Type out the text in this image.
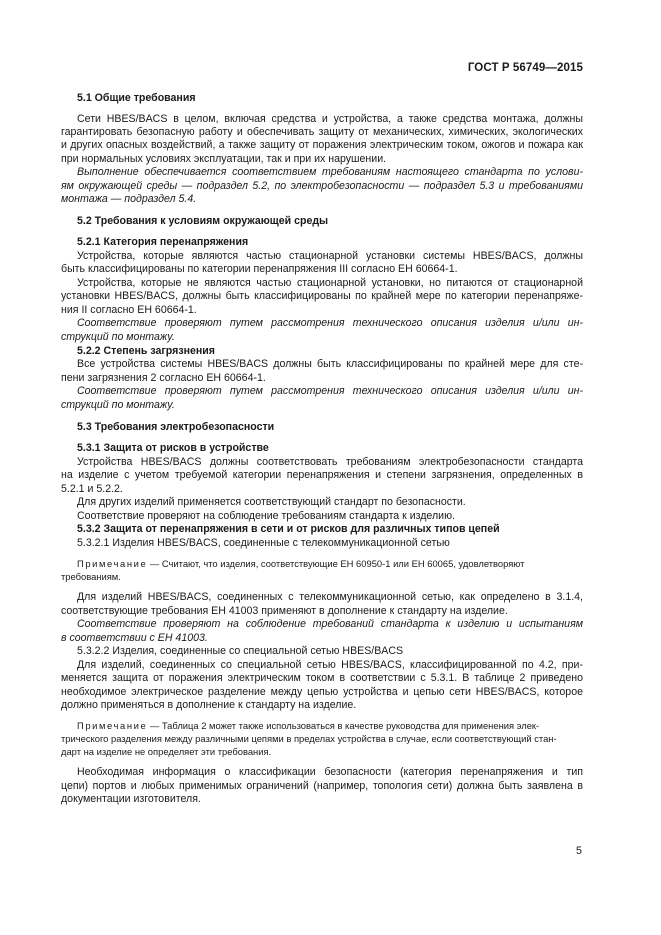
ГОСТ Р 56749—2015
5.1 Общие требования
Сети HBES/BACS в целом, включая средства и устройства, а также средства монтажа, должны
гарантировать безопасную работу и обеспечивать защиту от механических, химических, экологических
и других опасных воздействий, а также защиту от поражения электрическим током, ожогов и пожара как
при нормальных условиях эксплуатации, так и при их нарушении.
Выполнение обеспечивается соответствием требованиям настоящего стандарта по услови-
ям окружающей среды — подраздел 5.2, по электробезопасности — подраздел 5.3 и требованиями
монтажа — подраздел 5.4.
5.2 Требования к условиям окружающей среды
5.2.1 Категория перенапряжения
Устройства, которые являются частью стационарной установки системы HBES/BACS, должны
быть классифицированы по категории перенапряжения III согласно ЕН 60664-1.
Устройства, которые не являются частью стационарной установки, но питаются от стационарной
установки HBES/BACS, должны быть классифицированы по крайней мере по категории перенапряже-
ния II согласно ЕН 60664-1.
Соответствие проверяют путем рассмотрения технического описания изделия и/или ин-
струкций по монтажу.
5.2.2 Степень загрязнения
Все устройства системы HBES/BACS должны быть классифицированы по крайней мере для сте-
пени загрязнения 2 согласно ЕН 60664-1.
Соответствие проверяют путем рассмотрения технического описания изделия и/или ин-
струкций по монтажу.
5.3 Требования электробезопасности
5.3.1 Защита от рисков в устройстве
Устройства HBES/BACS должны соответствовать требованиям электробезопасности стандарта
на изделие с учетом требуемой категории перенапряжения и степени загрязнения, определенных в
5.2.1 и 5.2.2.
Для других изделий применяется соответствующий стандарт по безопасности.
Соответствие проверяют на соблюдение требованиям стандарта к изделию.
5.3.2 Защита от перенапряжения в сети и от рисков для различных типов цепей
5.3.2.1 Изделия HBES/BACS, соединенные с телекоммуникационной сетью
Примечание — Считают, что изделия, соответствующие ЕН 60950-1 или ЕН 60065, удовлетворяют
требованиям.
Для изделий HBES/BACS, соединенных с телекоммуникационной сетью, как определено в 3.1.4,
соответствующие требования ЕН 41003 применяют в дополнение к стандарту на изделие.
Соответствие проверяют на соблюдение требований стандарта к изделию и испытаниям
в соответствии с ЕН 41003.
5.3.2.2 Изделия, соединенные со специальной сетью HBES/BACS
Для изделий, соединенных со специальной сетью HBES/BACS, классифицированной по 4.2, при-
меняется защита от поражения электрическим током в соответствии с 5.3.1. В таблице 2 приведено
необходимое электрическое разделение между цепью устройства и цепью сети HBES/BACS, которое
должно применяться в дополнение к стандарту на изделие.
Примечание — Таблица 2 может также использоваться в качестве руководства для применения элек-
трического разделения между различными цепями в пределах устройства в случае, если соответствующий стан-
дарт на изделие не определяет эти требования.
Необходимая информация о классификации безопасности (категория перенапряжения и тип
цепи) портов и любых применимых ограничений (например, топология сети) должна быть заявлена в
документации изготовителя.
5
